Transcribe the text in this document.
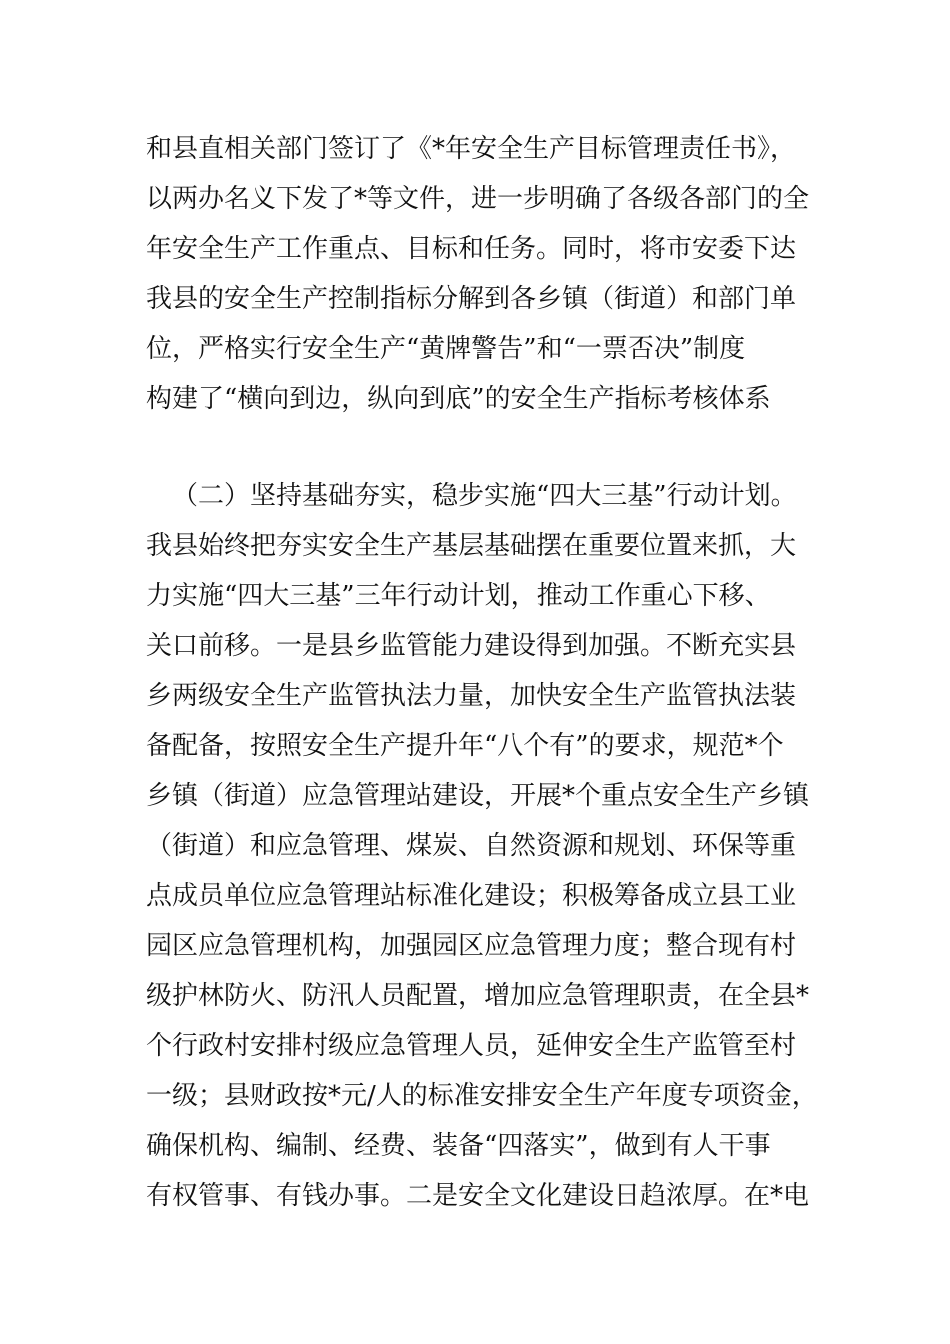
和县直相关部门签订了《*年安全生产目标管理责任书》，
以两办名义下发了*等文件，进一步明确了各级各部门的全
年安全生产工作重点、目标和任务。同时，将市安委下达
我县的安全生产控制指标分解到各乡镇（街道）和部门单
位，严格实行安全生产“黄牌警告”和“一票否决”制度
构建了“横向到边，纵向到底”的安全生产指标考核体系
（二）坚持基础夯实，稳步实施“四大三基”行动计划。
我县始终把夯实安全生产基层基础摆在重要位置来抓，大
力实施“四大三基”三年行动计划，推动工作重心下移、
关口前移。一是县乡监管能力建设得到加强。不断充实县
乡两级安全生产监管执法力量，加快安全生产监管执法装
备配备，按照安全生产提升年“八个有”的要求，规范*个
乡镇（街道）应急管理站建设，开展*个重点安全生产乡镇
（街道）和应急管理、煤炭、自然资源和规划、环保等重
点成员单位应急管理站标准化建设；积极筹备成立县工业
园区应急管理机构，加强园区应急管理力度；整合现有村
级护林防火、防汛人员配置，增加应急管理职责，在全县*
个行政村安排村级应急管理人员，延伸安全生产监管至村
一级；县财政按*元/人的标准安排安全生产年度专项资金，
确保机构、编制、经费、装备“四落实”，做到有人干事
有权管事、有钱办事。二是安全文化建设日趋浓厚。在*电
